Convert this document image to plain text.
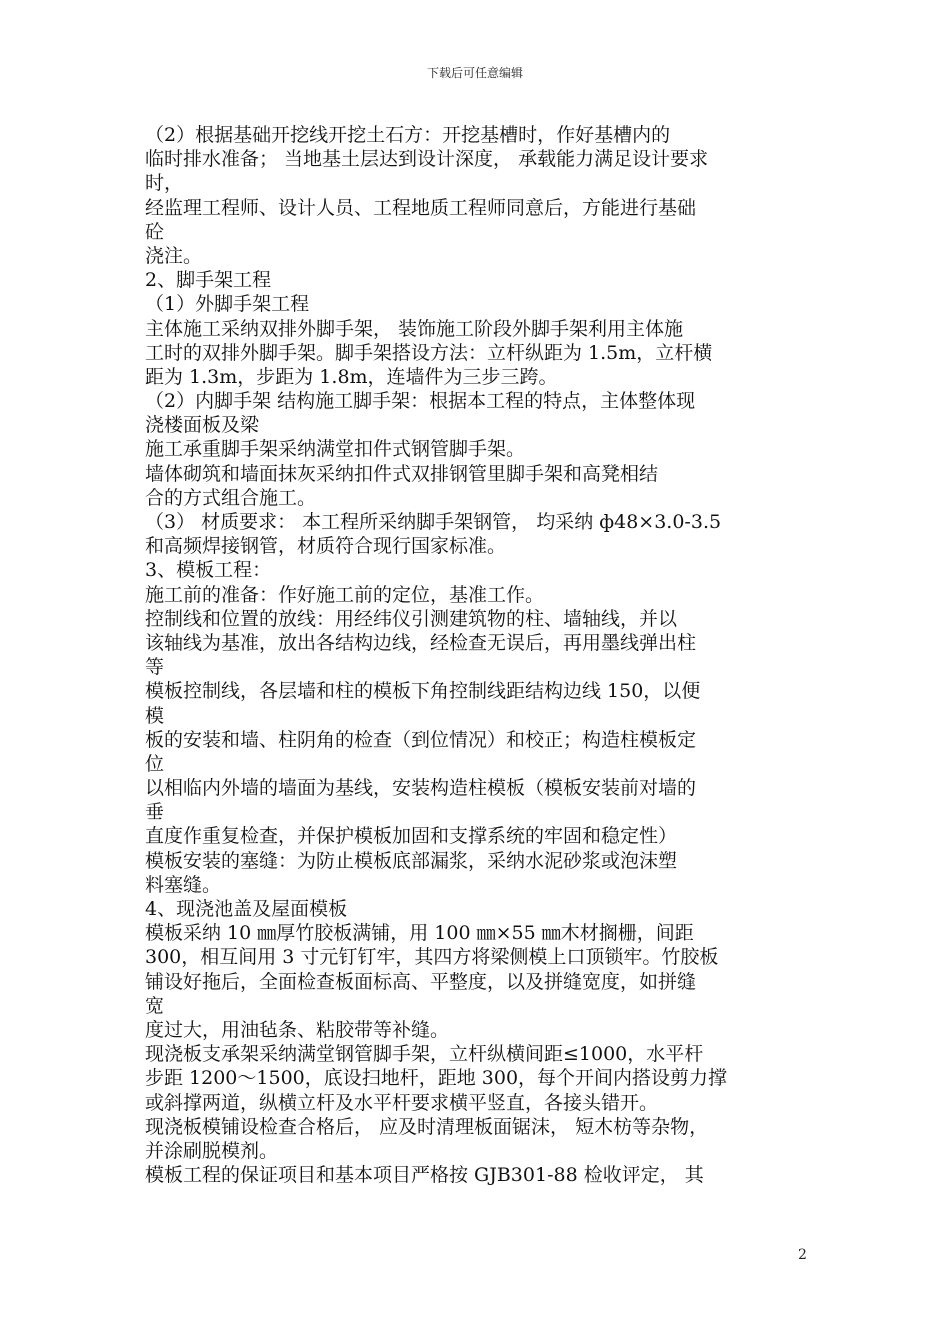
下载后可任意编辑
（2）根据基础开挖线开挖土石方：开挖基槽时，作好基槽内的
临时排水准备； 当地基土层达到设计深度， 承载能力满足设计要求
时，
经监理工程师、设计人员、工程地质工程师同意后，方能进行基础
砼
浇注。
2、脚手架工程
（1）外脚手架工程
主体施工采纳双排外脚手架， 装饰施工阶段外脚手架利用主体施
工时的双排外脚手架。脚手架搭设方法：立杆纵距为 1.5m，立杆横
距为 1.3m，步距为 1.8m，连墙件为三步三跨。
（2）内脚手架 结构施工脚手架：根据本工程的特点，主体整体现
浇楼面板及梁
施工承重脚手架采纳满堂扣件式钢管脚手架。
墙体砌筑和墙面抹灰采纳扣件式双排钢管里脚手架和高凳相结
合的方式组合施工。
（3） 材质要求： 本工程所采纳脚手架钢管， 均采纳 ф48×3.0-3.5
和高频焊接钢管，材质符合现行国家标准。
3、模板工程：
施工前的准备：作好施工前的定位，基准工作。
控制线和位置的放线：用经纬仪引测建筑物的柱、墙轴线，并以
该轴线为基准，放出各结构边线，经检查无误后，再用墨线弹出柱
等
模板控制线，各层墙和柱的模板下角控制线距结构边线 150，以便
模
板的安装和墙、柱阴角的检查（到位情况）和校正；构造柱模板定
位
以相临内外墙的墙面为基线，安装构造柱模板（模板安装前对墙的
垂
直度作重复检查，并保护模板加固和支撑系统的牢固和稳定性）
模板安装的塞缝：为防止模板底部漏浆，采纳水泥砂浆或泡沫塑
料塞缝。
4、现浇池盖及屋面模板
模板采纳 10 ㎜厚竹胶板满铺，用 100 ㎜×55 ㎜木材搁栅，间距
300，相互间用 3 寸元钉钉牢，其四方将梁侧模上口顶锁牢。竹胶板
铺设好拖后，全面检查板面标高、平整度，以及拼缝宽度，如拼缝
宽
度过大，用油毡条、粘胶带等补缝。
现浇板支承架采纳满堂钢管脚手架，立杆纵横间距≤1000，水平杆
步距 1200～1500，底设扫地杆，距地 300，每个开间内搭设剪力撑
或斜撑两道，纵横立杆及水平杆要求横平竖直，各接头错开。
现浇板模铺设检查合格后， 应及时清理板面锯沫， 短木枋等杂物，
并涂刷脱模剂。
模板工程的保证项目和基本项目严格按 GJB301-88 检收评定， 其
2
